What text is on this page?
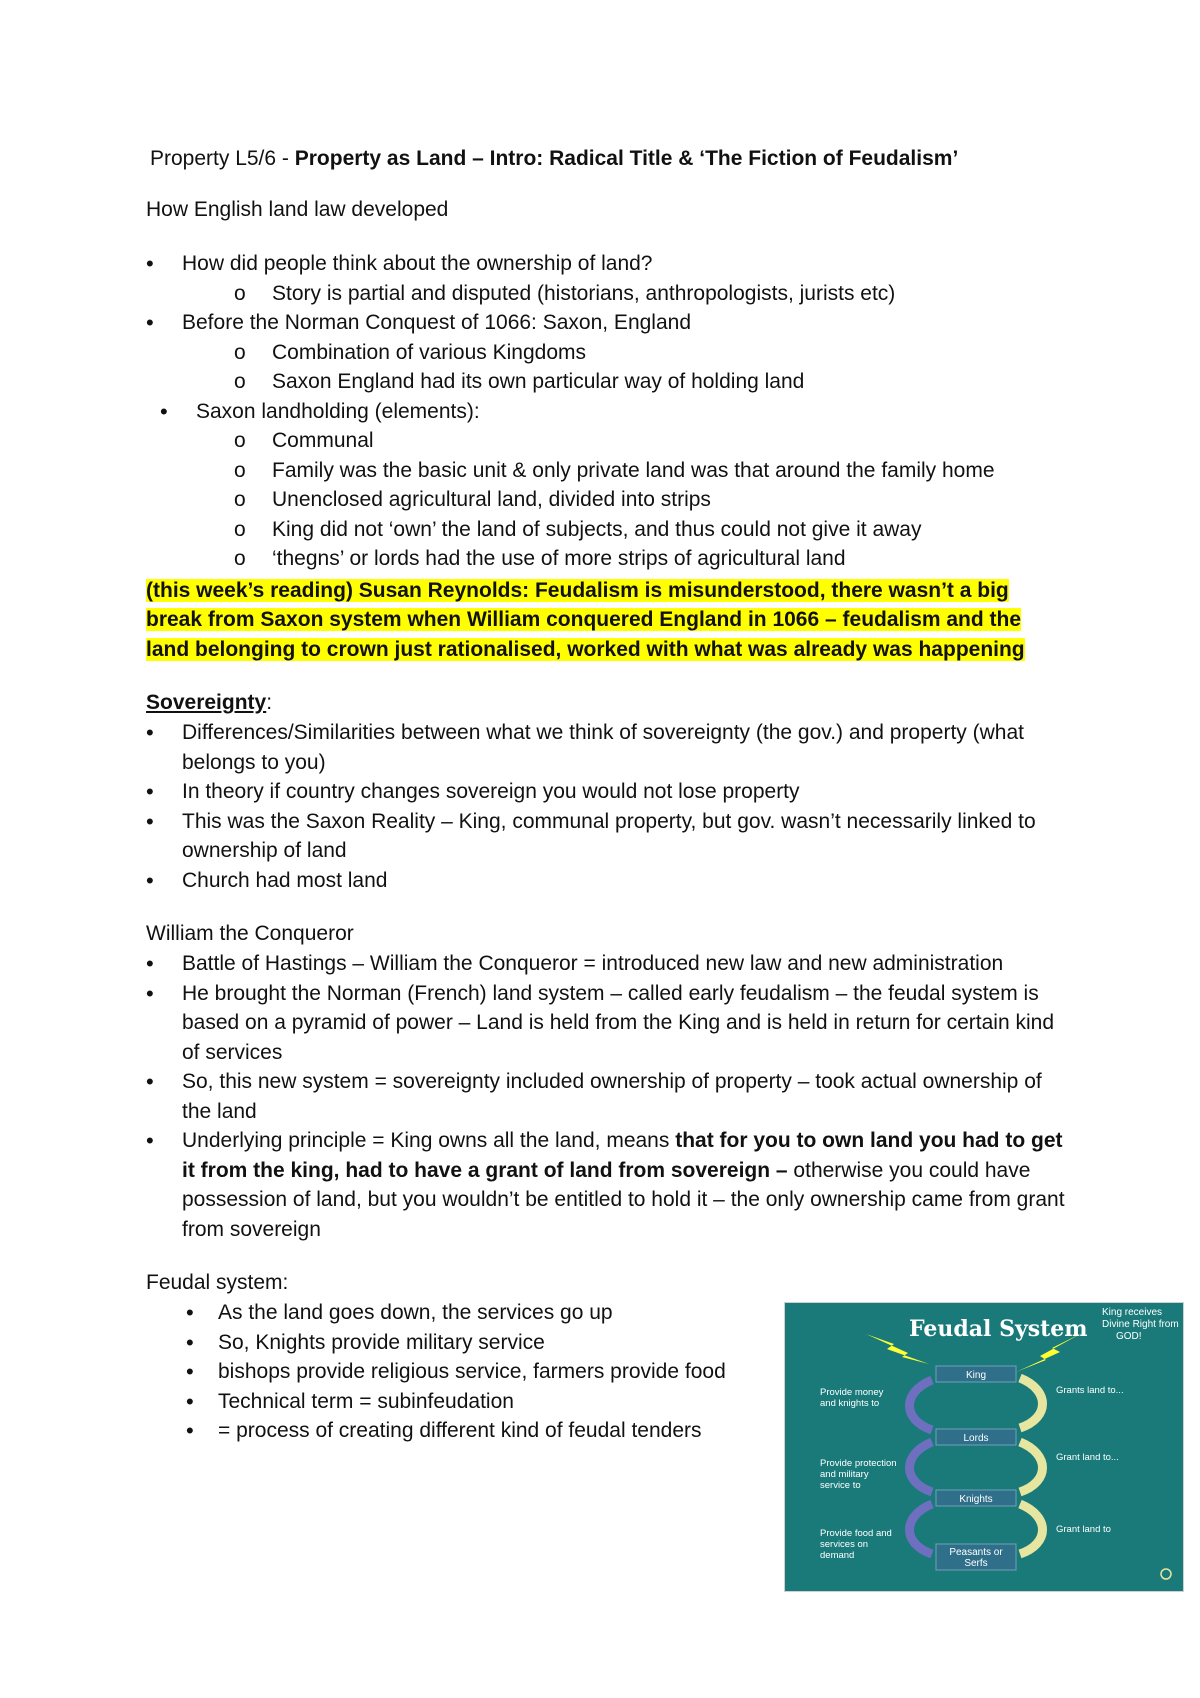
Property L5/6 - Property as Land – Intro: Radical Title & ‘The Fiction of Feudalism’

How English land law developed

• How did people think about the ownership of land?
o Story is partial and disputed (historians, anthropologists, jurists etc)
• Before the Norman Conquest of 1066: Saxon, England
o Combination of various Kingdoms
o Saxon England had its own particular way of holding land
• Saxon landholding (elements):
o Communal
o Family was the basic unit & only private land was that around the family home
o Unenclosed agricultural land, divided into strips
o King did not ‘own’ the land of subjects, and thus could not give it away
o ‘thegns’ or lords had the use of more strips of agricultural land
(this week’s reading) Susan Reynolds: Feudalism is misunderstood, there wasn’t a big break from Saxon system when William conquered England in 1066 – feudalism and the land belonging to crown just rationalised, worked with what was already was happening

Sovereignty:

• Differences/Similarities between what we think of sovereignty (the gov.) and property (what belongs to you)
• In theory if country changes sovereign you would not lose property
• This was the Saxon Reality – King, communal property, but gov. wasn’t necessarily linked to ownership of land
• Church had most land

William the Conqueror

• Battle of Hastings – William the Conqueror = introduced new law and new administration
• He brought the Norman (French) land system – called early feudalism – the feudal system is based on a pyramid of power – Land is held from the King and is held in return for certain kind of services
• So, this new system = sovereignty included ownership of property – took actual ownership of the land
• Underlying principle = King owns all the land, means that for you to own land you had to get it from the king, had to have a grant of land from sovereign – otherwise you could have possession of land, but you wouldn’t be entitled to hold it – the only ownership came from grant from sovereign

Feudal system:

• As the land goes down, the services go up
• So, Knights provide military service
• bishops provide religious service, farmers provide food
• Technical term = subinfeudation
• = process of creating different kind of feudal tenders
Feudal System
King receives
Divine Right from
GOD!
King
Lords
Knights
Peasants or
Serfs
Provide money
and knights to
Provide protection
and military
service to
Provide food and
services on
demand
Grants land to...
Grant land to...
Grant land to
